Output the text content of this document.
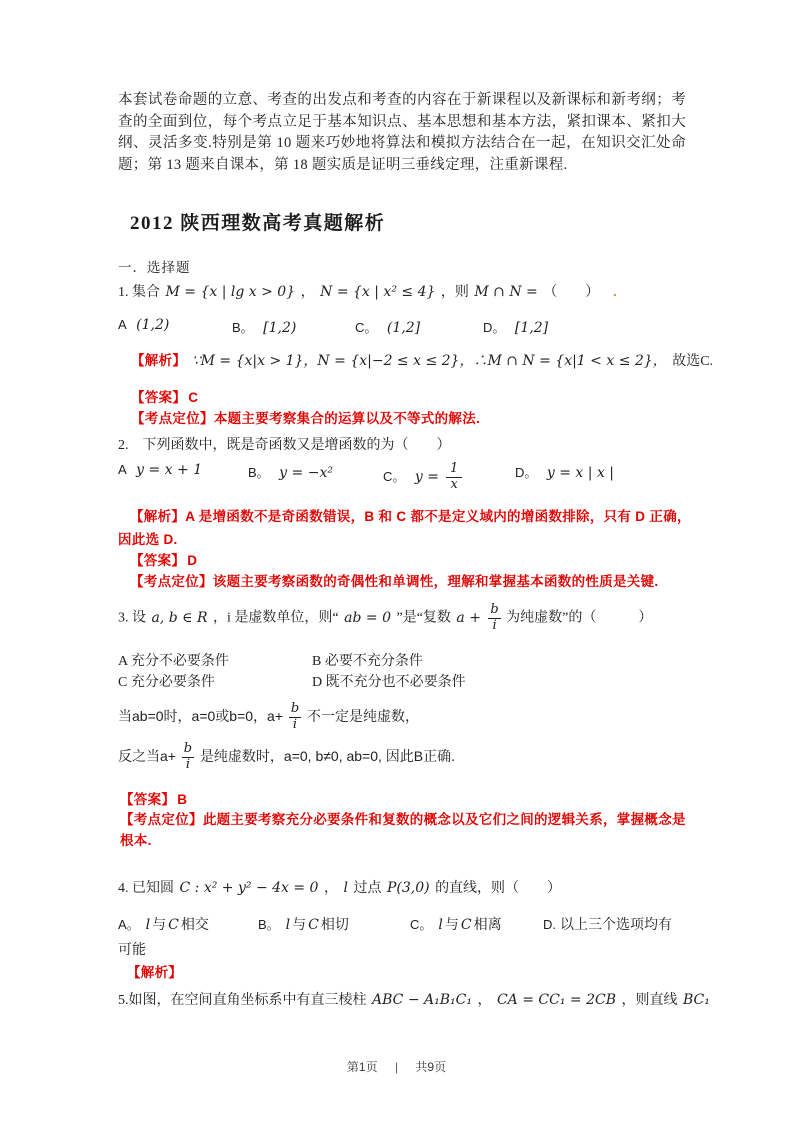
本套试卷命题的立意、考查的出发点和考查的内容在于新课程以及新课标和新考纲；考查的全面到位，每个考点立足于基本知识点、基本思想和基本方法，紧扣课本、紧扣大纲、灵活多变.特别是第 10 题来巧妙地将算法和模拟方法结合在一起，在知识交汇处命题；第 13 题来自课本，第 18 题实质是证明三垂线定理，注重新课程.

2012 陕西理数高考真题解析
一．选择题
1. 集合 M = {x | lg x > 0} ， N = {x | x² ≤ 4} ，则 M ∩ N = （　　） ．
A (1,2)	B。 [1,2)	C。 (1,2]	D。 [1,2]
【解析】 ∵M = {x|x > 1}，N = {x|−2 ≤ x ≤ 2}，∴M ∩ N = {x|1 < x ≤ 2}， 故选C.
【答案】 C
【考点定位】本题主要考察集合的运算以及不等式的解法.
2.　下列函数中，既是奇函数又是增函数的为（　　）
A y = x + 1	B。 y = −x²	C。 $y = \frac{1}{x}$	D。 y = x | x |
【解析】A 是增函数不是奇函数错误，B 和 C 都不是定义域内的增函数排除，只有 D 正确，
因此选 D.
【答案】 D
【考点定位】该题主要考察函数的奇偶性和单调性，理解和掌握基本函数的性质是关键.
3. 设 a, b ∈ R ，i 是虚数单位，则“ ab = 0 ”是“复数 $a + \frac{b}{i}$ 为纯虚数”的（　　　）
A 充分不必要条件	B 必要不充分条件
C 充分必要条件	D 既不充分也不必要条件
当ab=0时，a=0或b=0，$a+ \frac{b}{i}$ 不一定是纯虚数，
反之当$a+ \frac{b}{i}$ 是纯虚数时，a=0, b≠0, ab=0, 因此B正确.
【答案】 B

【考点定位】此题主要考察充分必要条件和复数的概念以及它们之间的逻辑关系，掌握概念是根本.

4. 已知圆 C : x² + y² − 4x = 0 ， l 过点 P(3,0) 的直线，则（　　）
A。 l 与 C 相交	B。 l 与 C 相切	C。 l 与 C 相离	D. 以上三个选项均有
可能
【解析】
5.如图，在空间直角坐标系中有直三棱柱 ABC − A₁B₁C₁ ， CA = CC₁ = 2CB ，则直线 BC₁
第1页 | 共9页
